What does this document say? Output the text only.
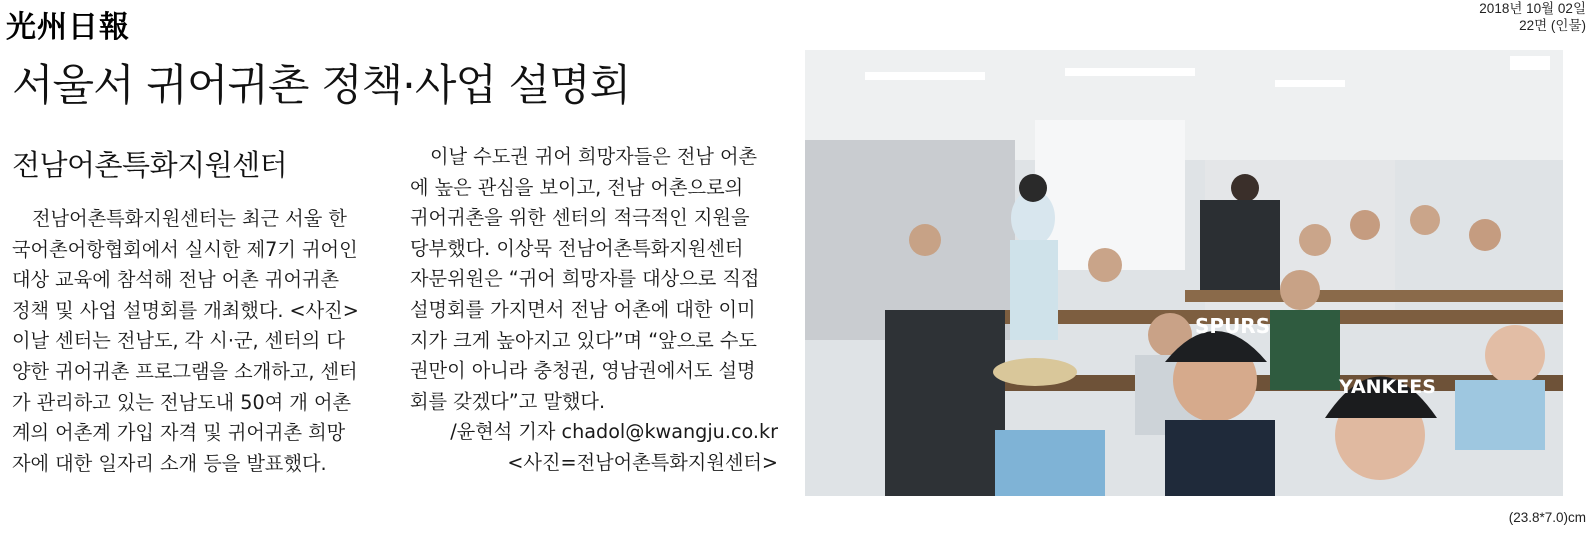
光州日報
2018년 10월 02일
22면 (인물)
서울서 귀어귀촌 정책·사업 설명회
전남어촌특화지원센터
전남어촌특화지원센터는 최근 서울 한
국어촌어항협회에서 실시한 제7기 귀어인
대상 교육에 참석해 전남 어촌 귀어귀촌
정책 및 사업 설명회를 개최했다. <사진>
이날 센터는 전남도, 각 시·군, 센터의 다
양한 귀어귀촌 프로그램을 소개하고, 센터
가 관리하고 있는 전남도내 50여 개 어촌
계의 어촌계 가입 자격 및 귀어귀촌 희망
자에 대한 일자리 소개 등을 발표했다.
이날 수도권 귀어 희망자들은 전남 어촌
에 높은 관심을 보이고, 전남 어촌으로의
귀어귀촌을 위한 센터의 적극적인 지원을
당부했다. 이상묵 전남어촌특화지원센터
자문위원은 “귀어 희망자를 대상으로 직접
설명회를 가지면서 전남 어촌에 대한 이미
지가 크게 높아지고 있다”며 “앞으로 수도
권만이 아니라 충청권, 영남권에서도 설명
회를 갖겠다”고 말했다.
/윤현석 기자 chadol@kwangju.co.kr
<사진=전남어촌특화지원센터>
SPURS
YANKEES
(23.8*7.0)cm
